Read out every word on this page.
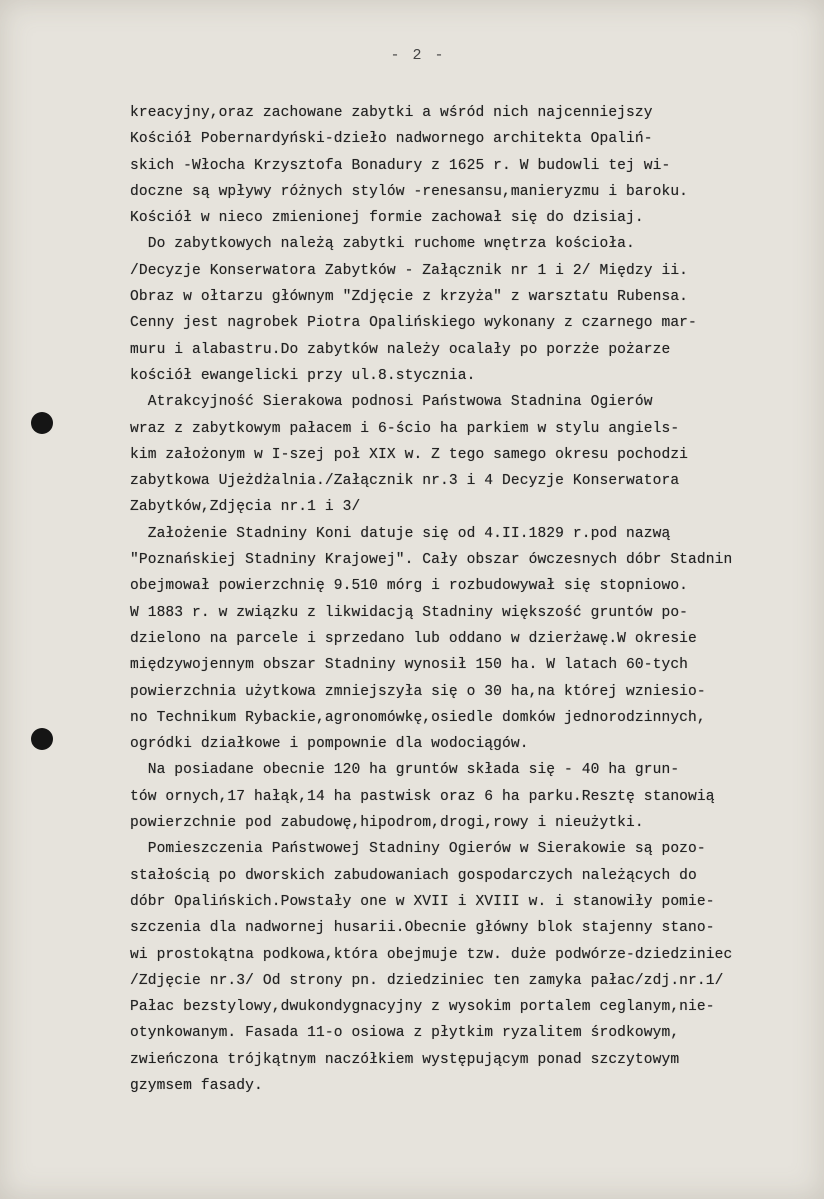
- 2 -
kreacyjny,oraz zachowane zabytki a wśród nich najcenniejszy
Kościół Pobernardyński-dzieło nadwornego architekta Opaliń-
skich -Włocha Krzysztofa Bonadury z 1625 r. W budowli tej wi-
doczne są wpływy różnych stylów -renesansu,manieryzmu i baroku.
Kościół w nieco zmienionej formie zachował się do dzisiaj.
Do zabytkowych należą zabytki ruchome wnętrza kościoła.
/Decyzje Konserwatora Zabytków - Załącznik nr 1 i 2/ Między ii.
Obraz w ołtarzu głównym "Zdjęcie z krzyża" z warsztatu Rubensa.
Cenny jest nagrobek Piotra Opalińskiego wykonany z czarnego mar-
muru i alabastru.Do zabytków należy ocalały po porzże pożarze
kościół ewangelicki przy ul.8.stycznia.
Atrakcyjność Sierakowa podnosi Państwowa Stadnina Ogierów
wraz z zabytkowym pałacem i 6-ścio ha parkiem w stylu angiels-
kim założonym w I-szej poł XIX w. Z tego samego okresu pochodzi
zabytkowa Ujeżdżalnia./Załącznik nr.3 i 4 Decyzje Konserwatora
Zabytków,Zdjęcia nr.1 i 3/
Założenie Stadniny Koni datuje się od 4.II.1829 r.pod nazwą
"Poznańskiej Stadniny Krajowej". Cały obszar ówczesnych dóbr Stadnin
obejmował powierzchnię 9.510 mórg i rozbudowywał się stopniowo.
W 1883 r. w związku z likwidacją Stadniny większość gruntów po-
dzielono na parcele i sprzedano lub oddano w dzierżawę.W okresie
międzywojennym obszar Stadniny wynosił 150 ha. W latach 60-tych
powierzchnia użytkowa zmniejszyła się o 30 ha,na której wzniesio-
no Technikum Rybackie,agronomówkę,osiedle domków jednorodzinnych,
ogródki działkowe i pompownie dla wodociągów.
Na posiadane obecnie 120 ha gruntów składa się - 40 ha grun-
tów ornych,17 hałąk,14 ha pastwisk oraz 6 ha parku.Resztę stanowią
powierzchnie pod zabudowę,hipodrom,drogi,rowy i nieużytki.
Pomieszczenia Państwowej Stadniny Ogierów w Sierakowie są pozo-
stałością po dworskich zabudowaniach gospodarczych należących do
dóbr Opalińskich.Powstały one w XVII i XVIII w. i stanowiły pomie-
szczenia dla nadwornej husarii.Obecnie główny blok stajenny stano-
wi prostokątna podkowa,która obejmuje tzw. duże podwórze-dziedziniec
/Zdjęcie nr.3/ Od strony pn. dziedziniec ten zamyka pałac/zdj.nr.1/
Pałac bezstylowy,dwukondygnacyjny z wysokim portalem ceglanym,nie-
otynkowanym. Fasada 11-o osiowa z płytkim ryzalitem środkowym,
zwieńczona trójkątnym naczółkiem występującym ponad szczytowym
gzymsem fasady.
